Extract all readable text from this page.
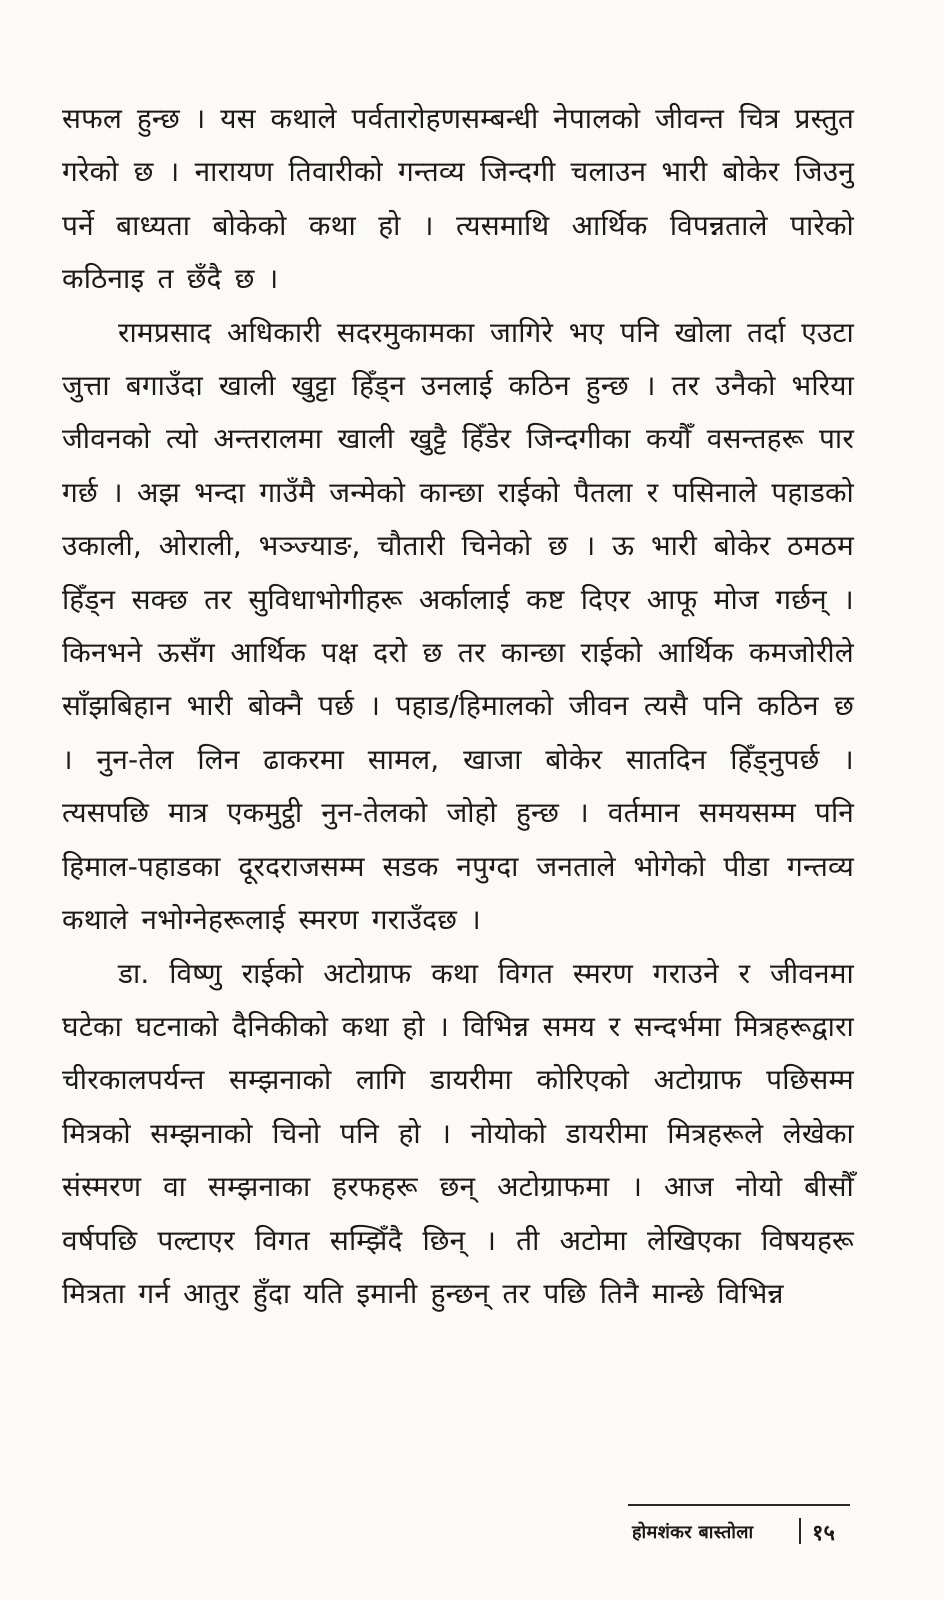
सफल हुन्छ । यस कथाले पर्वतारोहणसम्बन्धी नेपालको जीवन्त चित्र प्रस्तुत गरेको छ । नारायण तिवारीको गन्तव्य जिन्दगी चलाउन भारी बोकेर जिउनु पर्ने बाध्यता बोकेको कथा हो । त्यसमाथि आर्थिक विपन्नताले पारेको कठिनाइ त छँदै छ ।

रामप्रसाद अधिकारी सदरमुकामका जागिरे भए पनि खोला तर्दा एउटा जुत्ता बगाउँदा खाली खुट्टा हिँड्न उनलाई कठिन हुन्छ । तर उनैको भरिया जीवनको त्यो अन्तरालमा खाली खुट्टै हिँडेर जिन्दगीका कयौँ वसन्तहरू पार गर्छ । अझ भन्दा गाउँमै जन्मेको कान्छा राईको पैतला र पसिनाले पहाडको उकाली, ओराली, भञ्ज्याङ, चौतारी चिनेको छ । ऊ भारी बोकेर ठमठम हिँड्न सक्छ तर सुविधाभोगीहरू अर्कालाई कष्ट दिएर आफू मोज गर्छन् । किनभने ऊसँग आर्थिक पक्ष दरो छ तर कान्छा राईको आर्थिक कमजोरीले साँझबिहान भारी बोक्नै पर्छ । पहाड/हिमालको जीवन त्यसै पनि कठिन छ । नुन-तेल लिन ढाकरमा सामल, खाजा बोकेर सातदिन हिँड्नुपर्छ । त्यसपछि मात्र एकमुट्ठी नुन-तेलको जोहो हुन्छ । वर्तमान समयसम्म पनि हिमाल-पहाडका दूरदराजसम्म सडक नपुग्दा जनताले भोगेको पीडा गन्तव्य कथाले नभोग्नेहरूलाई स्मरण गराउँदछ ।

डा. विष्णु राईको अटोग्राफ कथा विगत स्मरण गराउने र जीवनमा घटेका घटनाको दैनिकीको कथा हो । विभिन्न समय र सन्दर्भमा मित्रहरूद्वारा चीरकालपर्यन्त सम्झनाको लागि डायरीमा कोरिएको अटोग्राफ पछिसम्म मित्रको सम्झनाको चिनो पनि हो । नोयोको डायरीमा मित्रहरूले लेखेका संस्मरण वा सम्झनाका हरफहरू छन् अटोग्राफमा । आज नोयो बीसौँ वर्षपछि पल्टाएर विगत सम्झिँदै छिन् । ती अटोमा लेखिएका विषयहरू मित्रता गर्न आतुर हुँदा यति इमानी हुन्छन् तर पछि तिनै मान्छे विभिन्न

होमशंकर बास्तोला	१५
